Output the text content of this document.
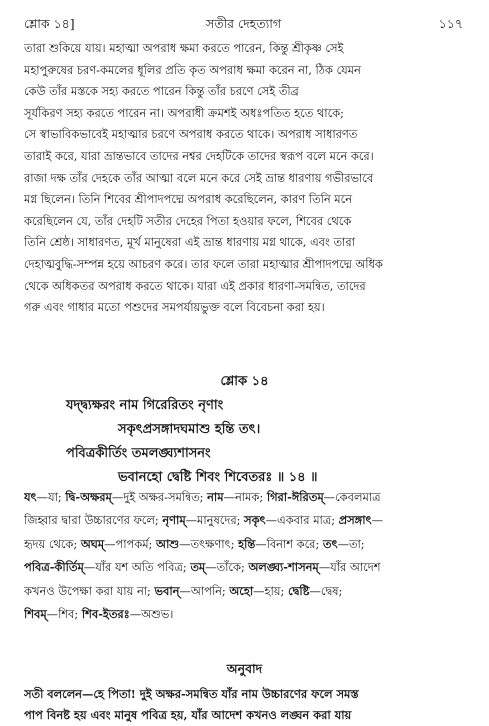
শ্লোক ১৪]	সতীর দেহত্যাগ	১১৭
তারা শুকিয়ে যায়। মহাত্মা অপরাধ ক্ষমা করতে পারেন, কিন্তু শ্রীকৃষ্ণ সেই
মহাপুরুষের চরণ-কমলের ধূলির প্রতি কৃত অপরাধ ক্ষমা করেন না, ঠিক যেমন
কেউ তাঁর মস্তকে সহ্য করতে পারেন কিন্তু তাঁর চরণে সেই তীব্র
সূর্যকিরণ সহ্য করতে পারেন না। অপরাধী ক্রমশই অধঃপতিত হতে থাকে;
সে স্বাভাবিকভাবেই মহাত্মার চরণে অপরাধ করতে থাকে। অপরাধ সাধারণত
তারাই করে, যারা ভ্রান্তভাবে তাদের নশ্বর দেহটিকে তাদের স্বরূপ বলে মনে করে।
রাজা দক্ষ তাঁর দেহকে তাঁর আত্মা বলে মনে করে সেই ভ্রান্ত ধারণায় গভীরভাবে
মগ্ন ছিলেন। তিনি শিবের শ্রীপাদপদ্মে অপরাধ করেছিলেন, কারণ তিনি মনে
করেছিলেন যে, তাঁর দেহটি সতীর দেহের পিতা হওয়ার ফলে, শিবের থেকে
তিনি শ্রেষ্ঠ। সাধারণত, মূর্খ মানুষেরা এই ভ্রান্ত ধারণায় মগ্ন থাকে, এবং তারা
দেহাত্মবুদ্ধি-সম্পন্ন হয়ে আচরণ করে। তার ফলে তারা মহাত্মার শ্রীপাদপদ্মে অধিক
থেকে অধিকতর অপরাধ করতে থাকে। যারা এই প্রকার ধারণা-সমন্বিত, তাদের
গরু এবং গাধার মতো পশুদের সমপর্যায়ভুক্ত বলে বিবেচনা করা হয়।
শ্লোক ১৪
যদ্দ্ব্যক্ষরং নাম গিরেরিতং নৃণাং
সকৃৎপ্রসঙ্গাদঘমাশু হন্তি তৎ।
পবিত্রকীর্তিং তমলঙ্ঘ্যশাসনং
ভবানহো দ্বেষ্টি শিবং শিবেতরঃ ॥ ১৪ ॥
যৎ—যা; দ্বি-অক্ষরম্—দুই অক্ষর-সমন্বিত; নাম—নামক; গিরা-ঈরিতম্—কেবলমাত্র
জিহ্বার দ্বারা উচ্চারণের ফলে; নৃণাম্—মানুষদের; সকৃৎ—একবার মাত্র; প্রসঙ্গাৎ—
হৃদয় থেকে; অঘম্—পাপকর্ম; আশু—তৎক্ষণাৎ; হন্তি—বিনাশ করে; তৎ—তা;
পবিত্র-কীর্তিম্—যাঁর যশ অতি পবিত্র; তম্—তাঁকে; অলঙ্ঘ্য-শাসনম্—যাঁর আদেশ
কখনও উপেক্ষা করা যায় না; ভবান্—আপনি; অহো—হায়; দ্বেষ্টি—দ্বেষ;
শিবম্—শিব; শিব-ইতরঃ—অশুভ।
অনুবাদ
সতী বললেন—হে পিতা! দুই অক্ষর-সমন্বিত যাঁর নাম উচ্চারণের ফলে সমস্ত
পাপ বিনষ্ট হয় এবং মানুষ পবিত্র হয়, যাঁর আদেশ কখনও লঙ্ঘন করা যায়
